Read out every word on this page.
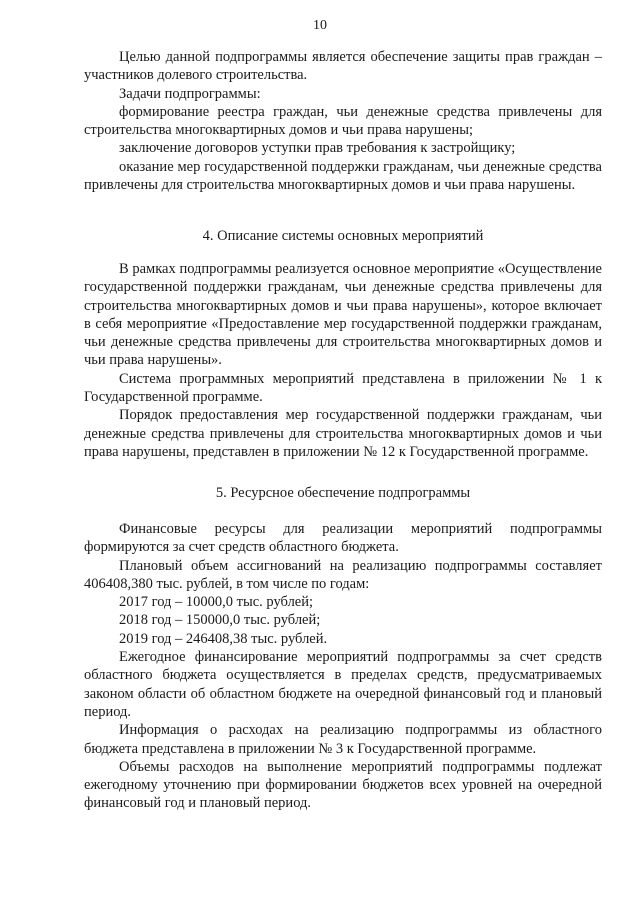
10

Целью данной подпрограммы является обеспечение защиты прав граждан – участников долевого строительства.

Задачи подпрограммы:

формирование реестра граждан, чьи денежные средства привлечены для строительства многоквартирных домов и чьи права нарушены;

заключение договоров уступки прав требования к застройщику;

оказание мер государственной поддержки гражданам, чьи денежные средства привлечены для строительства многоквартирных домов и чьи права нарушены.

4. Описание системы основных мероприятий

В рамках подпрограммы реализуется основное мероприятие «Осуществление государственной поддержки гражданам, чьи денежные средства привлечены для строительства многоквартирных домов и чьи права нарушены», которое включает в себя мероприятие «Предоставление мер государственной поддержки гражданам, чьи денежные средства привлечены для строительства многоквартирных домов и чьи права нарушены».

Система программных мероприятий представлена в приложении № 1 к Государственной программе.

Порядок предоставления мер государственной поддержки гражданам, чьи денежные средства привлечены для строительства многоквартирных домов и чьи права нарушены, представлен в приложении № 12 к Государственной программе.

5. Ресурсное обеспечение подпрограммы

Финансовые ресурсы для реализации мероприятий подпрограммы формируются за счет средств областного бюджета.

Плановый объем ассигнований на реализацию подпрограммы составляет 406408,380 тыс. рублей, в том числе по годам:

2017 год – 10000,0 тыс. рублей;

2018 год – 150000,0 тыс. рублей;

2019 год – 246408,38 тыс. рублей.

Ежегодное финансирование мероприятий подпрограммы за счет средств областного бюджета осуществляется в пределах средств, предусматриваемых законом области об областном бюджете на очередной финансовый год и плановый период.

Информация о расходах на реализацию подпрограммы из областного бюджета представлена в приложении № 3 к Государственной программе.

Объемы расходов на выполнение мероприятий подпрограммы подлежат ежегодному уточнению при формировании бюджетов всех уровней на очередной финансовый год и плановый период.
